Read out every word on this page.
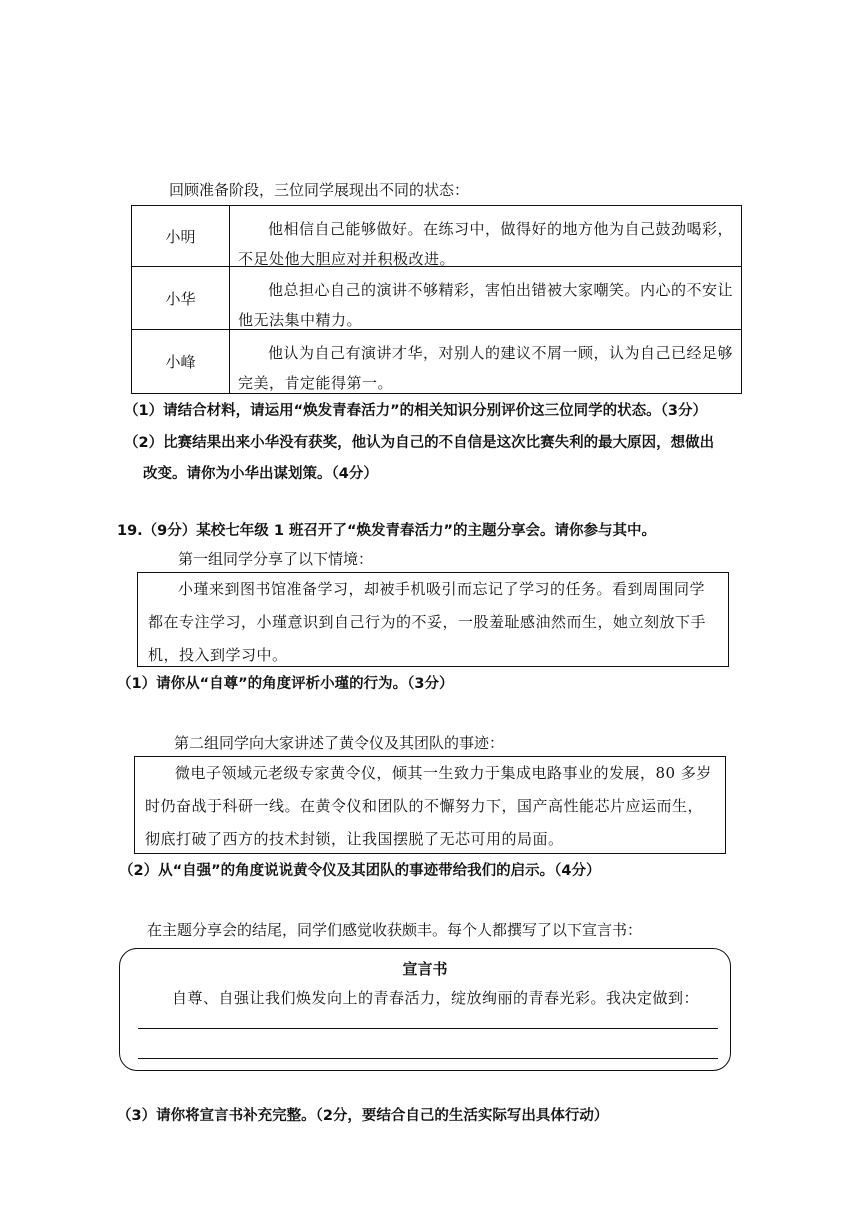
回顾准备阶段，三位同学展现出不同的状态：
小明	他相信自己能够做好。在练习中，做得好的地方他为自己鼓劲喝彩，
不足处他大胆应对并积极改进。
小华	他总担心自己的演讲不够精彩，害怕出错被大家嘲笑。内心的不安让
他无法集中精力。
小峰	他认为自己有演讲才华，对别人的建议不屑一顾，认为自己已经足够
完美，肯定能得第一。
（1）请结合材料，请运用“焕发青春活力”的相关知识分别评价这三位同学的状态。（3分）
（2）比赛结果出来小华没有获奖，他认为自己的不自信是这次比赛失利的最大原因，想做出
改变。请你为小华出谋划策。（4分）
19.（9分）某校七年级 1 班召开了“焕发青春活力”的主题分享会。请你参与其中。
第一组同学分享了以下情境：
小瑾来到图书馆准备学习，却被手机吸引而忘记了学习的任务。看到周围同学
都在专注学习，小瑾意识到自己行为的不妥，一股羞耻感油然而生，她立刻放下手
机，投入到学习中。
（1）请你从“自尊”的角度评析小瑾的行为。（3分）
第二组同学向大家讲述了黄令仪及其团队的事迹：
微电子领域元老级专家黄令仪，倾其一生致力于集成电路事业的发展，80 多岁
时仍奋战于科研一线。在黄令仪和团队的不懈努力下，国产高性能芯片应运而生，
彻底打破了西方的技术封锁，让我国摆脱了无芯可用的局面。
（2）从“自强”的角度说说黄令仪及其团队的事迹带给我们的启示。（4分）
在主题分享会的结尾，同学们感觉收获颇丰。每个人都撰写了以下宣言书：
宣言书
自尊、自强让我们焕发向上的青春活力，绽放绚丽的青春光彩。我决定做到：
（3）请你将宣言书补充完整。（2分，要结合自己的生活实际写出具体行动）
